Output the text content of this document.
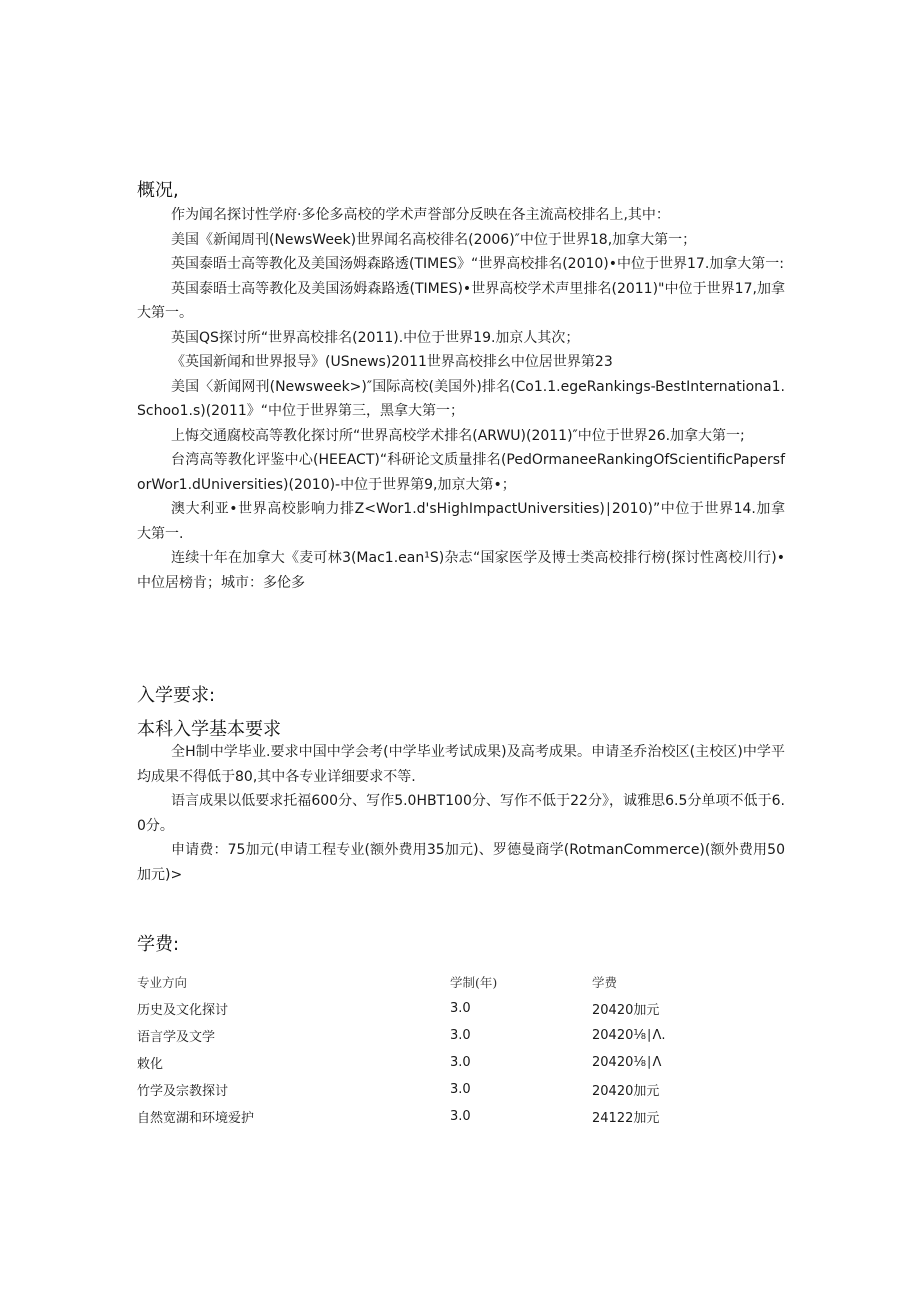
概况,

作为闻名探讨性学府·多伦多高校的学术声誉部分反映在各主流高校排名上,其中：

美国《新闻周刊(NewsWeek)世界闻名高校徘名(2006)″中位于世界18,加拿大第一；

英国泰晤士高等教化及美国汤姆森路透(TIMES》“世界高校排名(2010)•中位于世界17.加拿大第一:

英国泰晤士高等教化及美国汤姆森路透(TIMES)•世界高校学术声里排名(2011)"中位于世界17,加拿大第一。

英国QS探讨所“世界高校排名(2011).中位于世界19.加京人其次；

《英国新闻和世界报导》(USnews)2011世界高校排幺中位居世界第23

美国〈新闻网刊(Newsweek>)″国际高校(美国外)排名(Co1.1.egeRankings-BestInternationa1.Schoo1.s)(2011》“中位于世界第三，黑拿大第一；

上悔交通腐校高等教化探讨所“世界高校学术排名(ARWU)(2011)″中位于世界26.加拿大第一;

台湾高等教化评鉴中心(HEEACT)“科研论文质量排名(PedOrmaneeRankingOfScientificPapersforWor1.dUniversities)(2010)-中位于世界第9,加京大第•；

澳大利亚•世界高校影响力排Z<Wor1.d'sHighImpactUniversities)∣2010)”中位于世界14.加拿大第一.

连续十年在加拿大《麦可林3(Mac1.ean¹S)杂志“国家医学及博士类高校排行榜(探讨性离校川行)•中位居榜肯；城市：多伦多

入学要求:
本科入学基本要求

全H制中学毕业.要求中国中学会考(中学毕业考试成果)及高考成果。申请圣乔治校区(主校区)中学平均成果不得低于80,其中各专业详细要求不等.

语言成果以低要求托福600分、写作5.0HBT100分、写作不低于22分》，诚雅思6.5分单项不低于6.0分。

申请费：75加元(申请工程专业(额外费用35加元)、罗德曼商学(RotmanCommerce)(额外费用50加元)>

学费:
专业方向	学制(年)	学费
历史及文化探讨	3.0	20420加元
语言学及文学	3.0	20420⅛∣Λ.
敕化	3.0	20420⅛∣Λ
竹学及宗教探讨	3.0	20420加元
自然宽湖和环境爱护	3.0	24122加元
